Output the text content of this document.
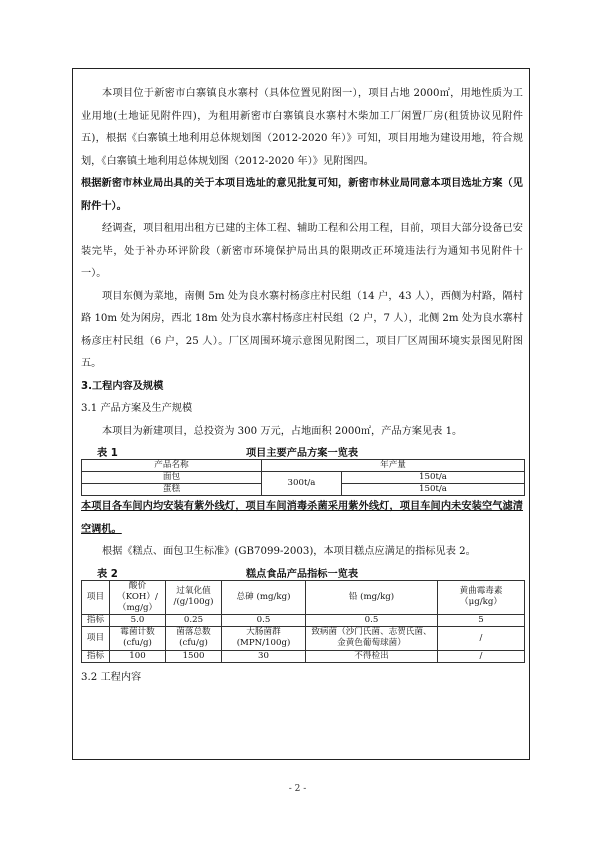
本项目位于新密市白寨镇良水寨村（具体位置见附图一），项目占地 2000㎡，用地性质为工业用地(土地证见附件四)，为租用新密市白寨镇良水寨村木柴加工厂闲置厂房(租赁协议见附件五)，根据《白寨镇土地利用总体规划图（2012-2020 年）》可知，项目用地为建设用地，符合规划，《白寨镇土地利用总体规划图（2012-2020 年）》见附图四。

根据新密市林业局出具的关于本项目选址的意见批复可知，新密市林业局同意本项目选址方案（见附件十）。

经调查，项目租用出租方已建的主体工程、辅助工程和公用工程，目前，项目大部分设备已安装完毕，处于补办环评阶段（新密市环境保护局出具的限期改正环境违法行为通知书见附件十一）。

项目东侧为菜地，南侧 5m 处为良水寨村杨彦庄村民组（14 户，43 人），西侧为村路，隔村路 10m 处为闲房，西北 18m 处为良水寨村杨彦庄村民组（2 户，7 人），北侧 2m 处为良水寨村杨彦庄村民组（6 户，25 人）。厂区周围环境示意图见附图二，项目厂区周围环境实景图见附图五。

3.工程内容及规模

3.1 产品方案及生产规模

本项目为新建项目，总投资为 300 万元，占地面积 2000㎡，产品方案见表 1。

表 1	项目主要产品方案一览表
产品名称	年产量	
面包	300t/a	150t/a
蛋糕		150t/a

本项目各车间内均安装有紫外线灯，项目车间消毒杀菌采用紫外线灯，项目车间内未安装空气滤清空调机。

根据《糕点、面包卫生标准》(GB7099-2003)，本项目糕点应满足的指标见表 2。

表 2	糕点食品产品指标一览表
项目	酸价（KOH）/（mg/g）	过氧化值 /(g/100g)	总砷 (mg/kg)	铅 (mg/kg)	黄曲霉毒素 （μg/kg）
指标	5.0	0.25	0.5	0.5	5
项目	霉菌计数 (cfu/g)	菌落总数 (cfu/g)	大肠菌群 (MPN/100g)	致病菌（沙门氏菌、志贺氏菌、金黄色葡萄球菌）	/
指标	100	1500	30	不得检出	/

3.2 工程内容

- 2 -
